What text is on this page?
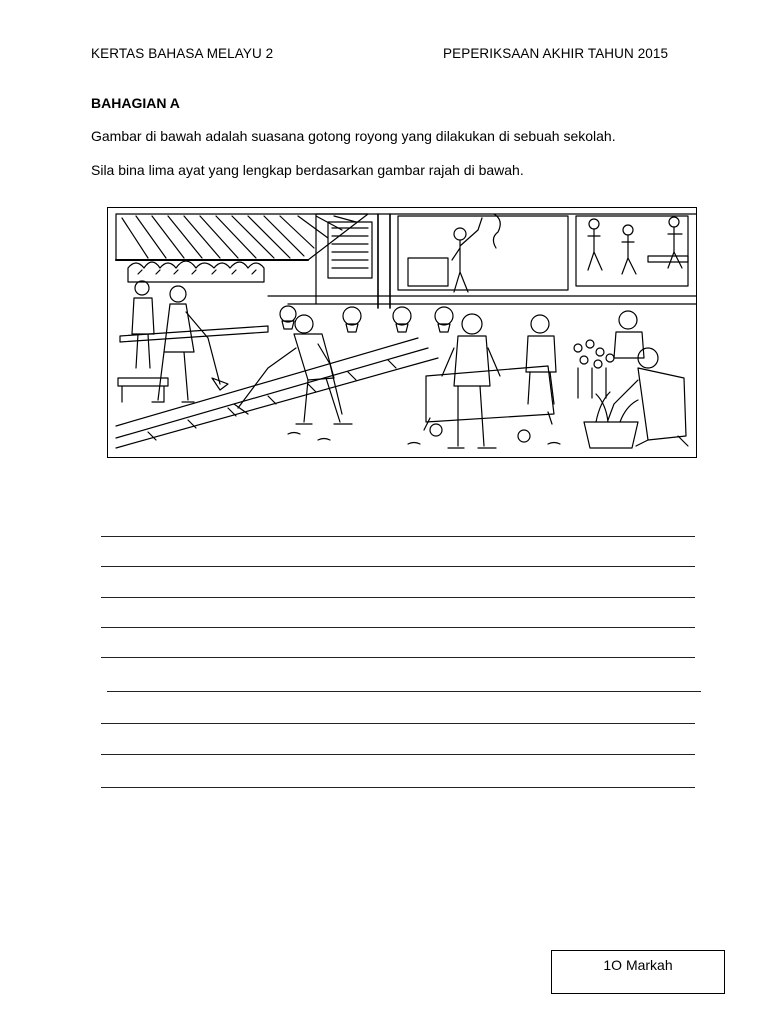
KERTAS BAHASA MELAYU 2	PEPERIKSAAN AKHIR TAHUN 2015
BAHAGIAN A
Gambar di bawah adalah suasana gotong royong yang dilakukan di sebuah sekolah.
Sila bina lima ayat yang lengkap berdasarkan gambar rajah di bawah.
1O Markah
